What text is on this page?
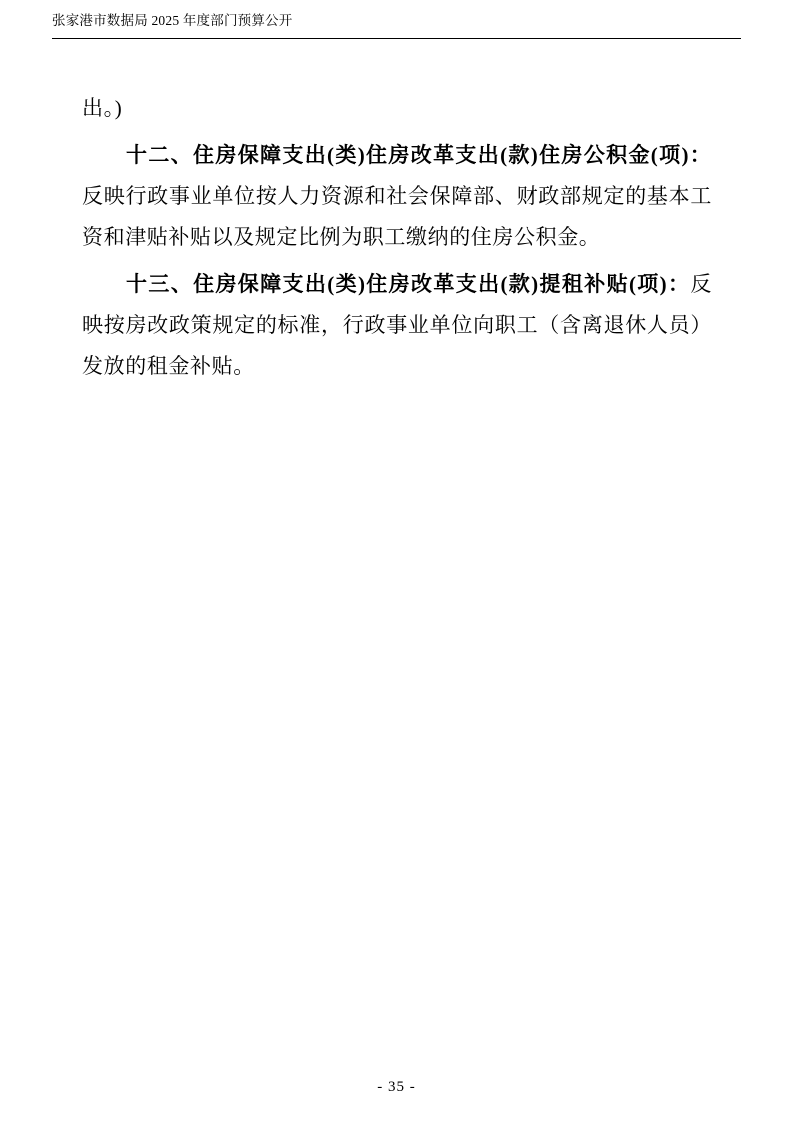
张家港市数据局 2025 年度部门预算公开

出。)

十二、住房保障支出(类)住房改革支出(款)住房公积金(项)：反映行政事业单位按人力资源和社会保障部、财政部规定的基本工资和津贴补贴以及规定比例为职工缴纳的住房公积金。

十三、住房保障支出(类)住房改革支出(款)提租补贴(项)：反映按房改政策规定的标准，行政事业单位向职工（含离退休人员）发放的租金补贴。

- 35 -
